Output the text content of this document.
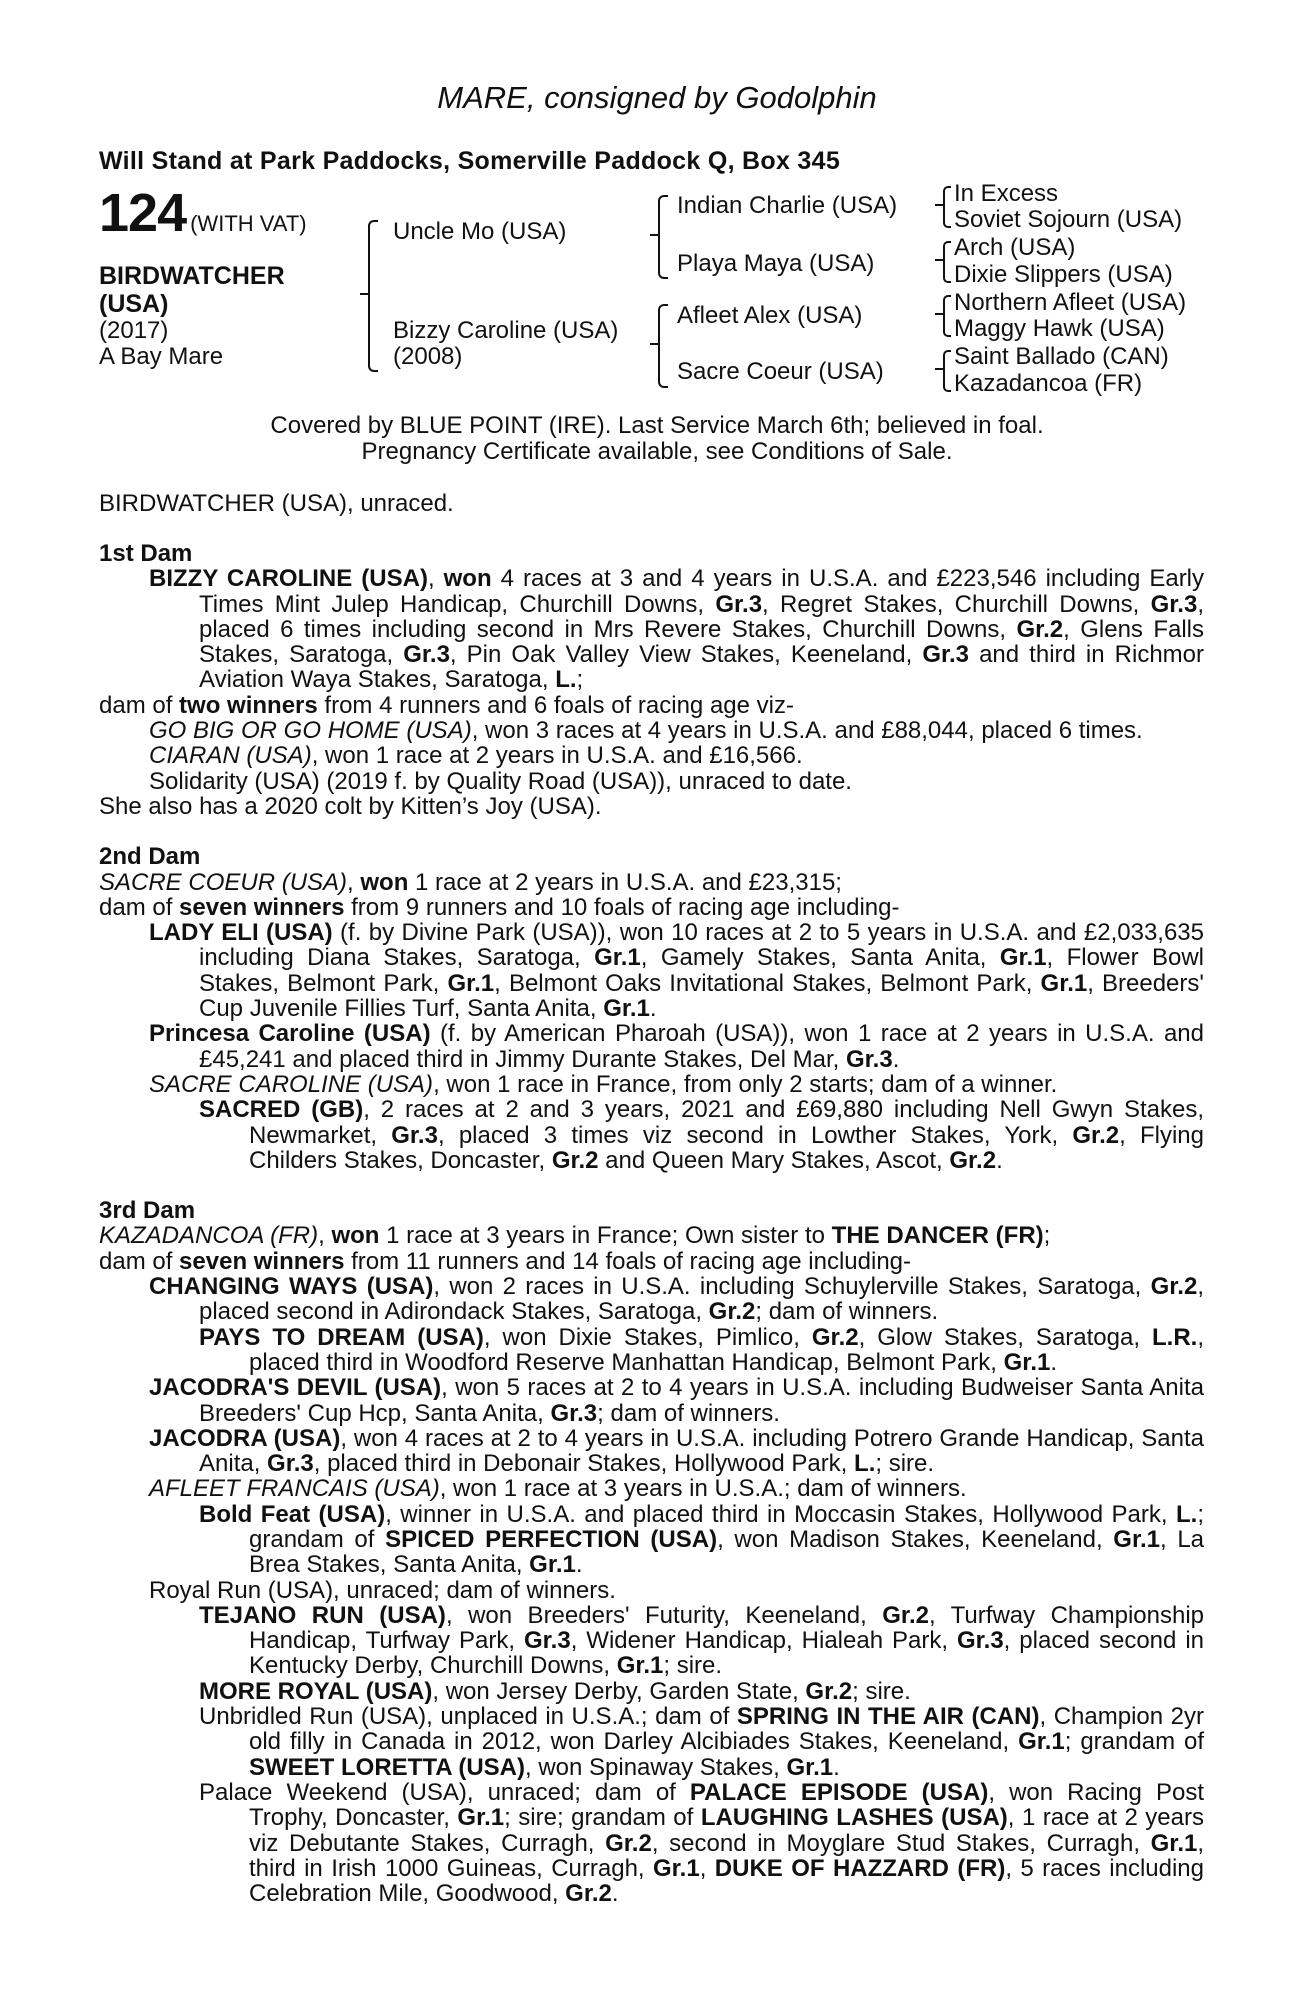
MARE, consigned by Godolphin
Will Stand at Park Paddocks, Somerville Paddock Q, Box 345
124 (WITH VAT)
BIRDWATCHER
(USA)
(2017)
A Bay Mare
Uncle Mo (USA)
Bizzy Caroline (USA)
(2008)
Indian Charlie (USA)
Playa Maya (USA)
Afleet Alex (USA)
Sacre Coeur (USA)
In Excess
Soviet Sojourn (USA)
Arch (USA)
Dixie Slippers (USA)
Northern Afleet (USA)
Maggy Hawk (USA)
Saint Ballado (CAN)
Kazadancoa (FR)
Covered by BLUE POINT (IRE). Last Service March 6th; believed in foal.
Pregnancy Certificate available, see Conditions of Sale.
BIRDWATCHER (USA), unraced.

1st Dam

BIZZY CAROLINE (USA), won 4 races at 3 and 4 years in U.S.A. and £223,546 including Early Times Mint Julep Handicap, Churchill Downs, Gr.3, Regret Stakes, Churchill Downs, Gr.3, placed 6 times including second in Mrs Revere Stakes, Churchill Downs, Gr.2, Glens Falls Stakes, Saratoga, Gr.3, Pin Oak Valley View Stakes, Keeneland, Gr.3 and third in Richmor Aviation Waya Stakes, Saratoga, L.;

dam of two winners from 4 runners and 6 foals of racing age viz-

GO BIG OR GO HOME (USA), won 3 races at 4 years in U.S.A. and £88,044, placed 6 times.

CIARAN (USA), won 1 race at 2 years in U.S.A. and £16,566.

Solidarity (USA) (2019 f. by Quality Road (USA)), unraced to date.

She also has a 2020 colt by Kitten’s Joy (USA).

2nd Dam

SACRE COEUR (USA), won 1 race at 2 years in U.S.A. and £23,315;

dam of seven winners from 9 runners and 10 foals of racing age including-

LADY ELI (USA) (f. by Divine Park (USA)), won 10 races at 2 to 5 years in U.S.A. and £2,033,635 including Diana Stakes, Saratoga, Gr.1, Gamely Stakes, Santa Anita, Gr.1, Flower Bowl Stakes, Belmont Park, Gr.1, Belmont Oaks Invitational Stakes, Belmont Park, Gr.1, Breeders' Cup Juvenile Fillies Turf, Santa Anita, Gr.1.

Princesa Caroline (USA) (f. by American Pharoah (USA)), won 1 race at 2 years in U.S.A. and £45,241 and placed third in Jimmy Durante Stakes, Del Mar, Gr.3.

SACRE CAROLINE (USA), won 1 race in France, from only 2 starts; dam of a winner.

SACRED (GB), 2 races at 2 and 3 years, 2021 and £69,880 including Nell Gwyn Stakes, Newmarket, Gr.3, placed 3 times viz second in Lowther Stakes, York, Gr.2, Flying Childers Stakes, Doncaster, Gr.2 and Queen Mary Stakes, Ascot, Gr.2.

3rd Dam

KAZADANCOA (FR), won 1 race at 3 years in France; Own sister to THE DANCER (FR);

dam of seven winners from 11 runners and 14 foals of racing age including-

CHANGING WAYS (USA), won 2 races in U.S.A. including Schuylerville Stakes, Saratoga, Gr.2, placed second in Adirondack Stakes, Saratoga, Gr.2; dam of winners.

PAYS TO DREAM (USA), won Dixie Stakes, Pimlico, Gr.2, Glow Stakes, Saratoga, L.R., placed third in Woodford Reserve Manhattan Handicap, Belmont Park, Gr.1.

JACODRA'S DEVIL (USA), won 5 races at 2 to 4 years in U.S.A. including Budweiser Santa Anita Breeders' Cup Hcp, Santa Anita, Gr.3; dam of winners.

JACODRA (USA), won 4 races at 2 to 4 years in U.S.A. including Potrero Grande Handicap, Santa Anita, Gr.3, placed third in Debonair Stakes, Hollywood Park, L.; sire.

AFLEET FRANCAIS (USA), won 1 race at 3 years in U.S.A.; dam of winners.

Bold Feat (USA), winner in U.S.A. and placed third in Moccasin Stakes, Hollywood Park, L.; grandam of SPICED PERFECTION (USA), won Madison Stakes, Keeneland, Gr.1, La Brea Stakes, Santa Anita, Gr.1.

Royal Run (USA), unraced; dam of winners.

TEJANO RUN (USA), won Breeders' Futurity, Keeneland, Gr.2, Turfway Championship Handicap, Turfway Park, Gr.3, Widener Handicap, Hialeah Park, Gr.3, placed second in Kentucky Derby, Churchill Downs, Gr.1; sire.

MORE ROYAL (USA), won Jersey Derby, Garden State, Gr.2; sire.

Unbridled Run (USA), unplaced in U.S.A.; dam of SPRING IN THE AIR (CAN), Champion 2yr old filly in Canada in 2012, won Darley Alcibiades Stakes, Keeneland, Gr.1; grandam of SWEET LORETTA (USA), won Spinaway Stakes, Gr.1.

Palace Weekend (USA), unraced; dam of PALACE EPISODE (USA), won Racing Post Trophy, Doncaster, Gr.1; sire; grandam of LAUGHING LASHES (USA), 1 race at 2 years viz Debutante Stakes, Curragh, Gr.2, second in Moyglare Stud Stakes, Curragh, Gr.1, third in Irish 1000 Guineas, Curragh, Gr.1, DUKE OF HAZZARD (FR), 5 races including Celebration Mile, Goodwood, Gr.2.
